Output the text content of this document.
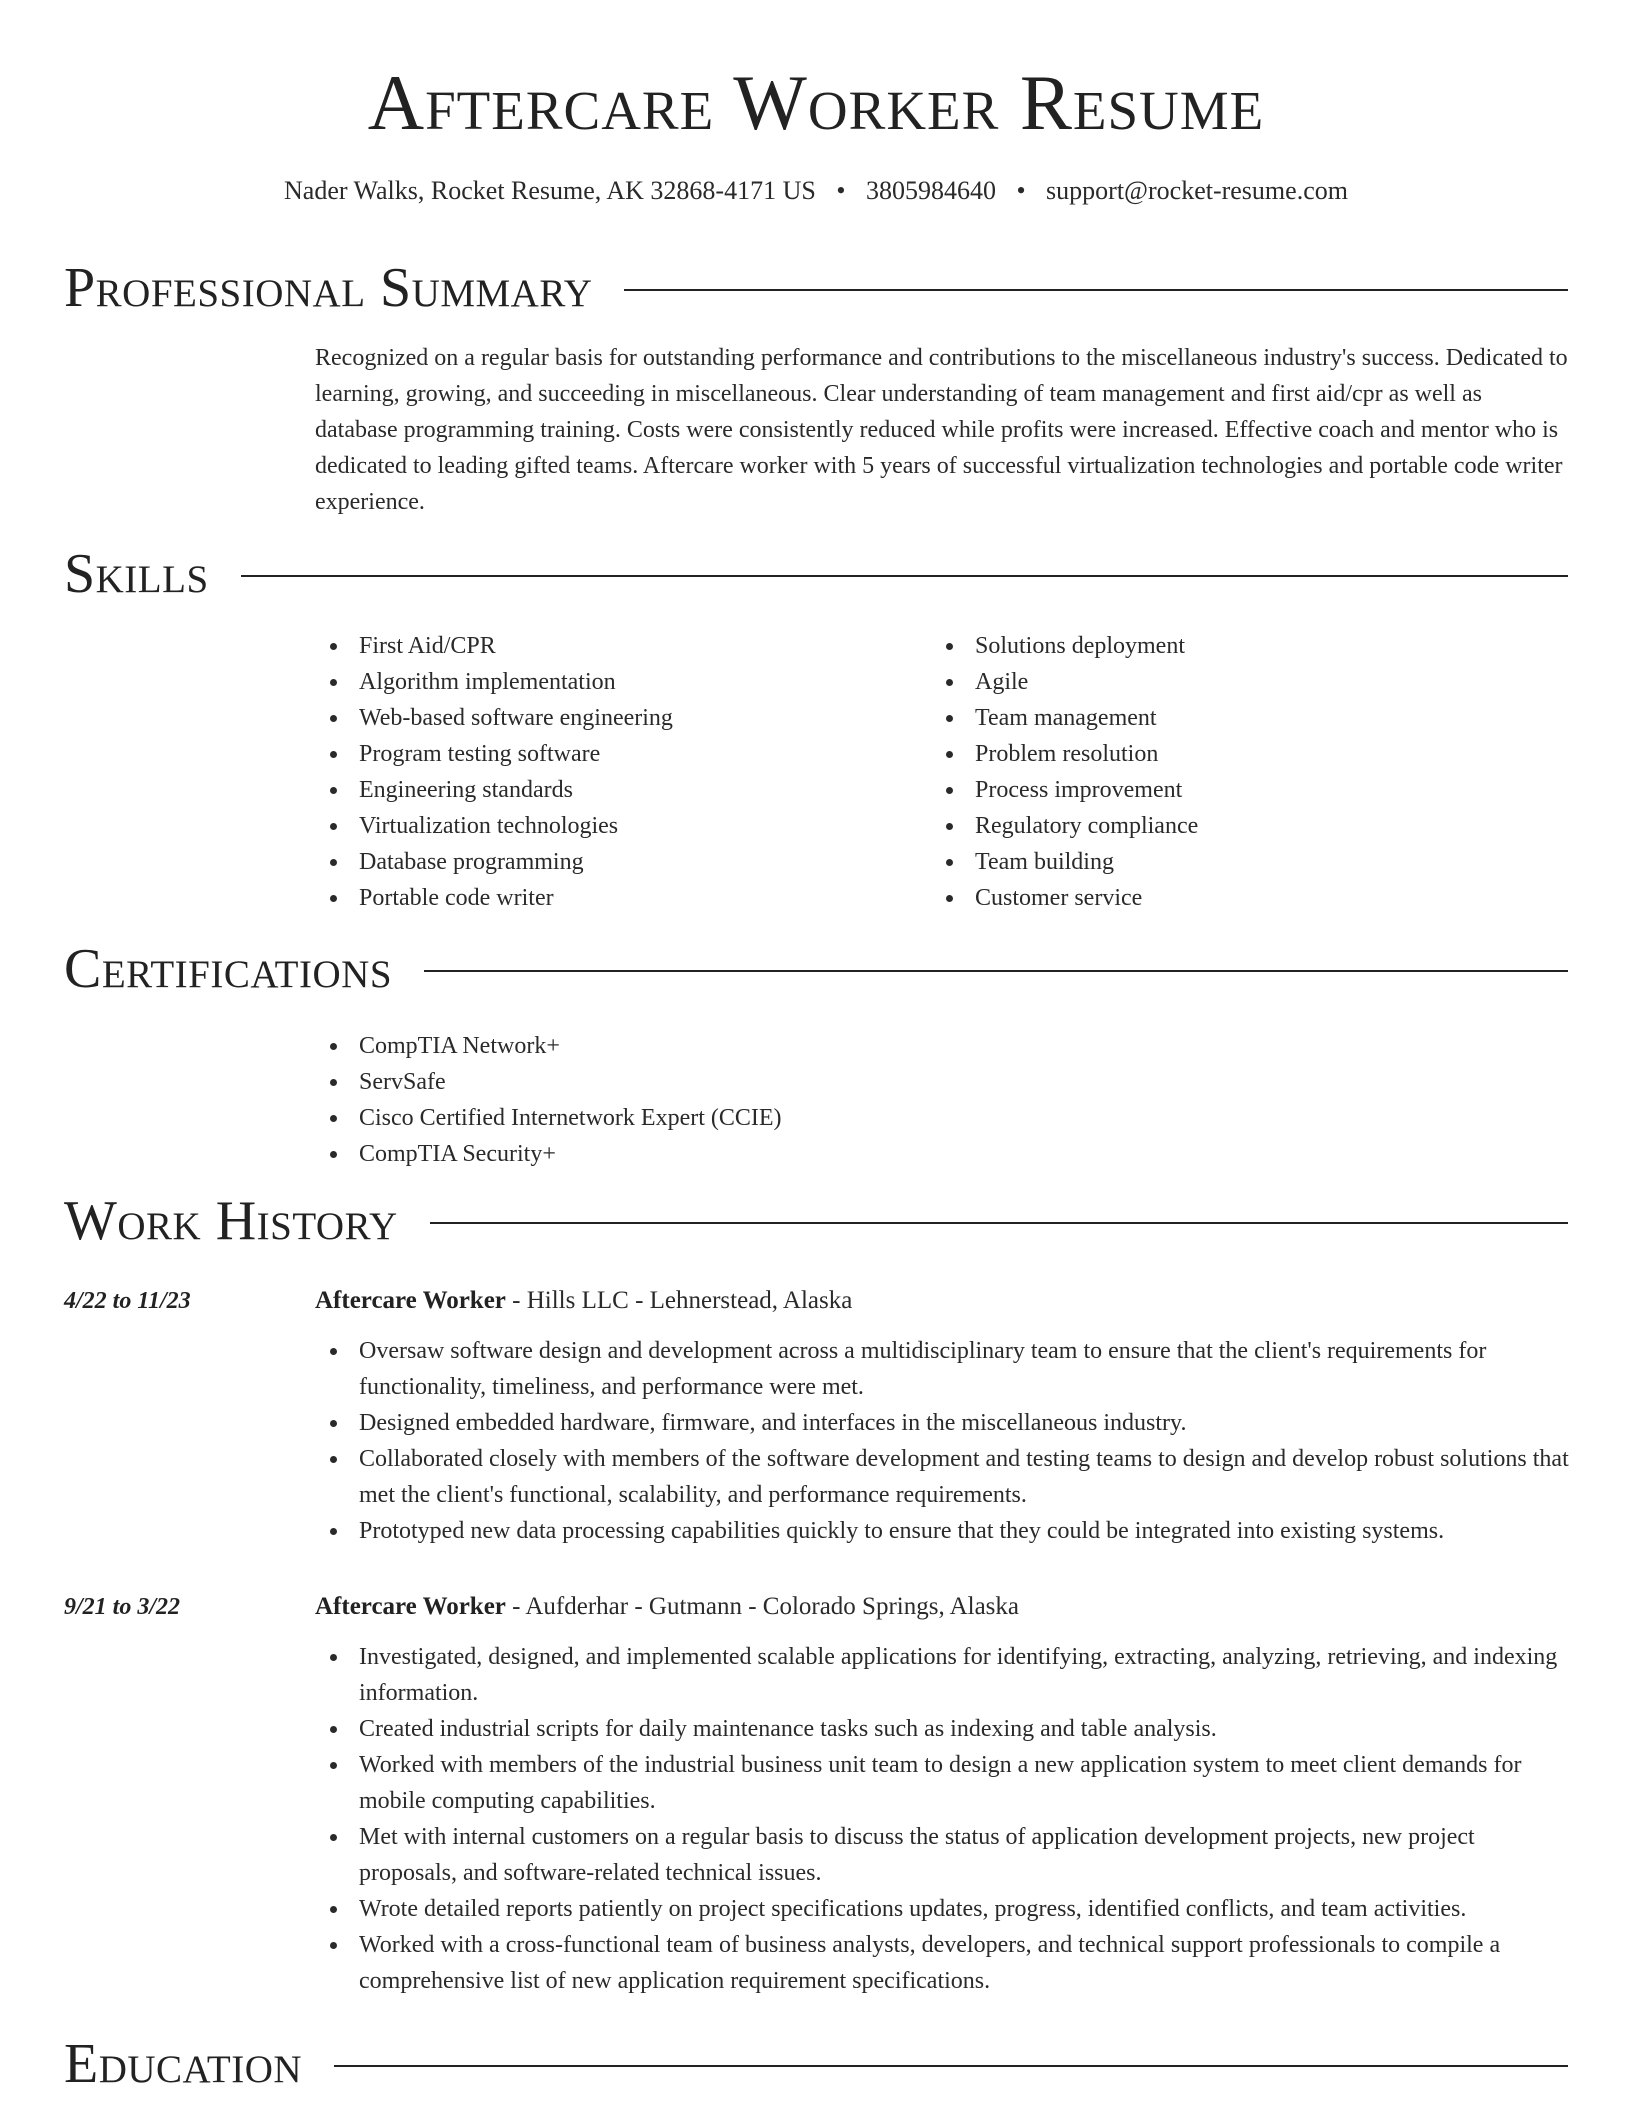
Aftercare Worker Resume
Nader Walks, Rocket Resume, AK 32868-4171 US • 3805984640 • support@rocket-resume.com
Professional Summary

Recognized on a regular basis for outstanding performance and contributions to the miscellaneous industry's success. Dedicated to learning, growing, and succeeding in miscellaneous. Clear understanding of team management and first aid/cpr as well as database programming training. Costs were consistently reduced while profits were increased. Effective coach and mentor who is dedicated to leading gifted teams. Aftercare worker with 5 years of successful virtualization technologies and portable code writer experience.

Skills
First Aid/CPR
Algorithm implementation
Web-based software engineering
Program testing software
Engineering standards
Virtualization technologies
Database programming
Portable code writer
Solutions deployment
Agile
Team management
Problem resolution
Process improvement
Regulatory compliance
Team building
Customer service
Certifications
CompTIA Network+
ServSafe
Cisco Certified Internetwork Expert (CCIE)
CompTIA Security+
Work History
4/22 to 11/23	Aftercare Worker - Hills LLC - Lehnerstead, Alaska
Oversaw software design and development across a multidisciplinary team to ensure that the client's requirements for functionality, timeliness, and performance were met.
Designed embedded hardware, firmware, and interfaces in the miscellaneous industry.
Collaborated closely with members of the software development and testing teams to design and develop robust solutions that met the client's functional, scalability, and performance requirements.
Prototyped new data processing capabilities quickly to ensure that they could be integrated into existing systems.
9/21 to 3/22	Aftercare Worker - Aufderhar - Gutmann - Colorado Springs, Alaska
Investigated, designed, and implemented scalable applications for identifying, extracting, analyzing, retrieving, and indexing information.
Created industrial scripts for daily maintenance tasks such as indexing and table analysis.
Worked with members of the industrial business unit team to design a new application system to meet client demands for mobile computing capabilities.
Met with internal customers on a regular basis to discuss the status of application development projects, new project proposals, and software-related technical issues.
Wrote detailed reports patiently on project specifications updates, progress, identified conflicts, and team activities.
Worked with a cross-functional team of business analysts, developers, and technical support professionals to compile a comprehensive list of new application requirement specifications.
Education
